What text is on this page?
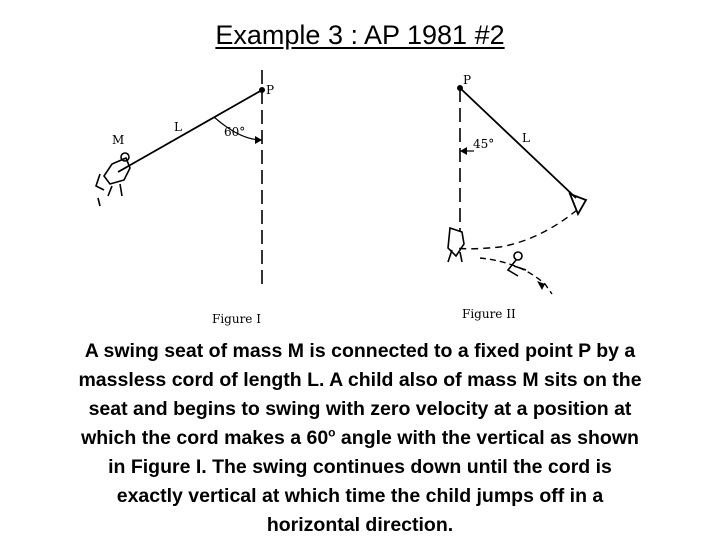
Example 3 : AP 1981 #2
P
L	60°
M
Figure I
P
L
45°
Figure II

A swing seat of mass M is connected to a fixed point P by a
massless cord of length L. A child also of mass M sits on the
seat and begins to swing with zero velocity at a position at
which the cord makes a 60$^o$ angle with the vertical as shown
in Figure I. The swing continues down until the cord is
exactly vertical at which time the child jumps off in a
horizontal direction.
